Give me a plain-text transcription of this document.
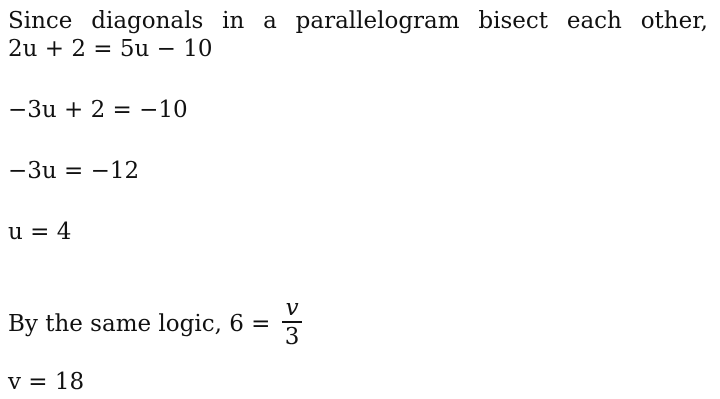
Since diagonals in a parallelogram bisect each other,
2u + 2 = 5u − 10
−3u + 2 = −10
−3u = −12
u = 4
By the same logic, $6 = \frac{v}{3}$
v = 18
